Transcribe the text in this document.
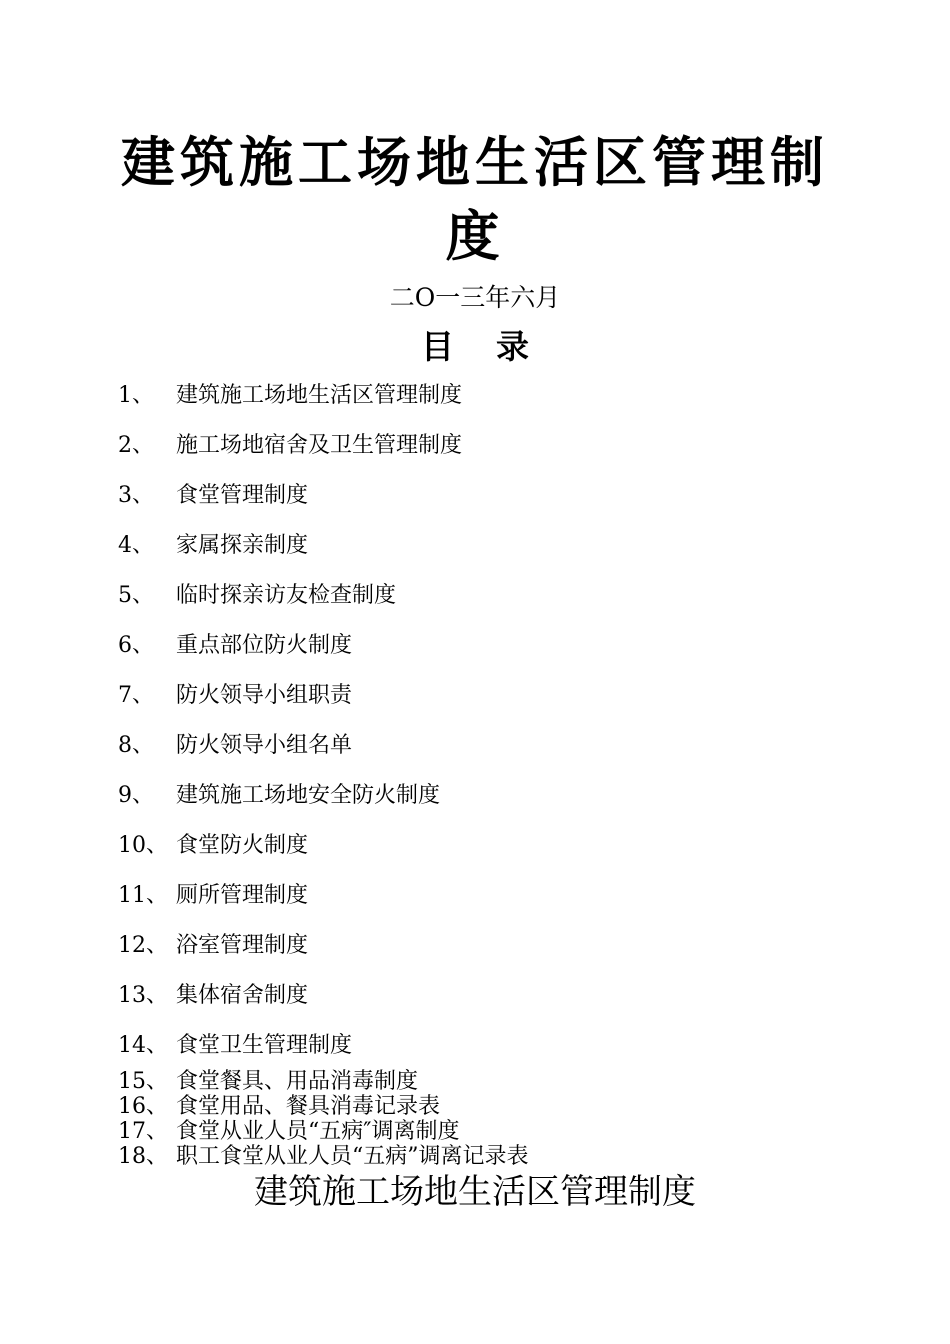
建筑施工场地生活区管理制
度
二O一三年六月
目 录
1、 建筑施工场地生活区管理制度
2、 施工场地宿舍及卫生管理制度
3、 食堂管理制度
4、 家属探亲制度
5、 临时探亲访友检查制度
6、 重点部位防火制度
7、 防火领导小组职责
8、 防火领导小组名单
9、 建筑施工场地安全防火制度
10、 食堂防火制度
11、 厕所管理制度
12、 浴室管理制度
13、 集体宿舍制度
14、 食堂卫生管理制度
15、 食堂餐具、用品消毒制度
16、 食堂用品、餐具消毒记录表
17、 食堂从业人员“五病″调离制度
18、 职工食堂从业人员“五病”调离记录表
建筑施工场地生活区管理制度
